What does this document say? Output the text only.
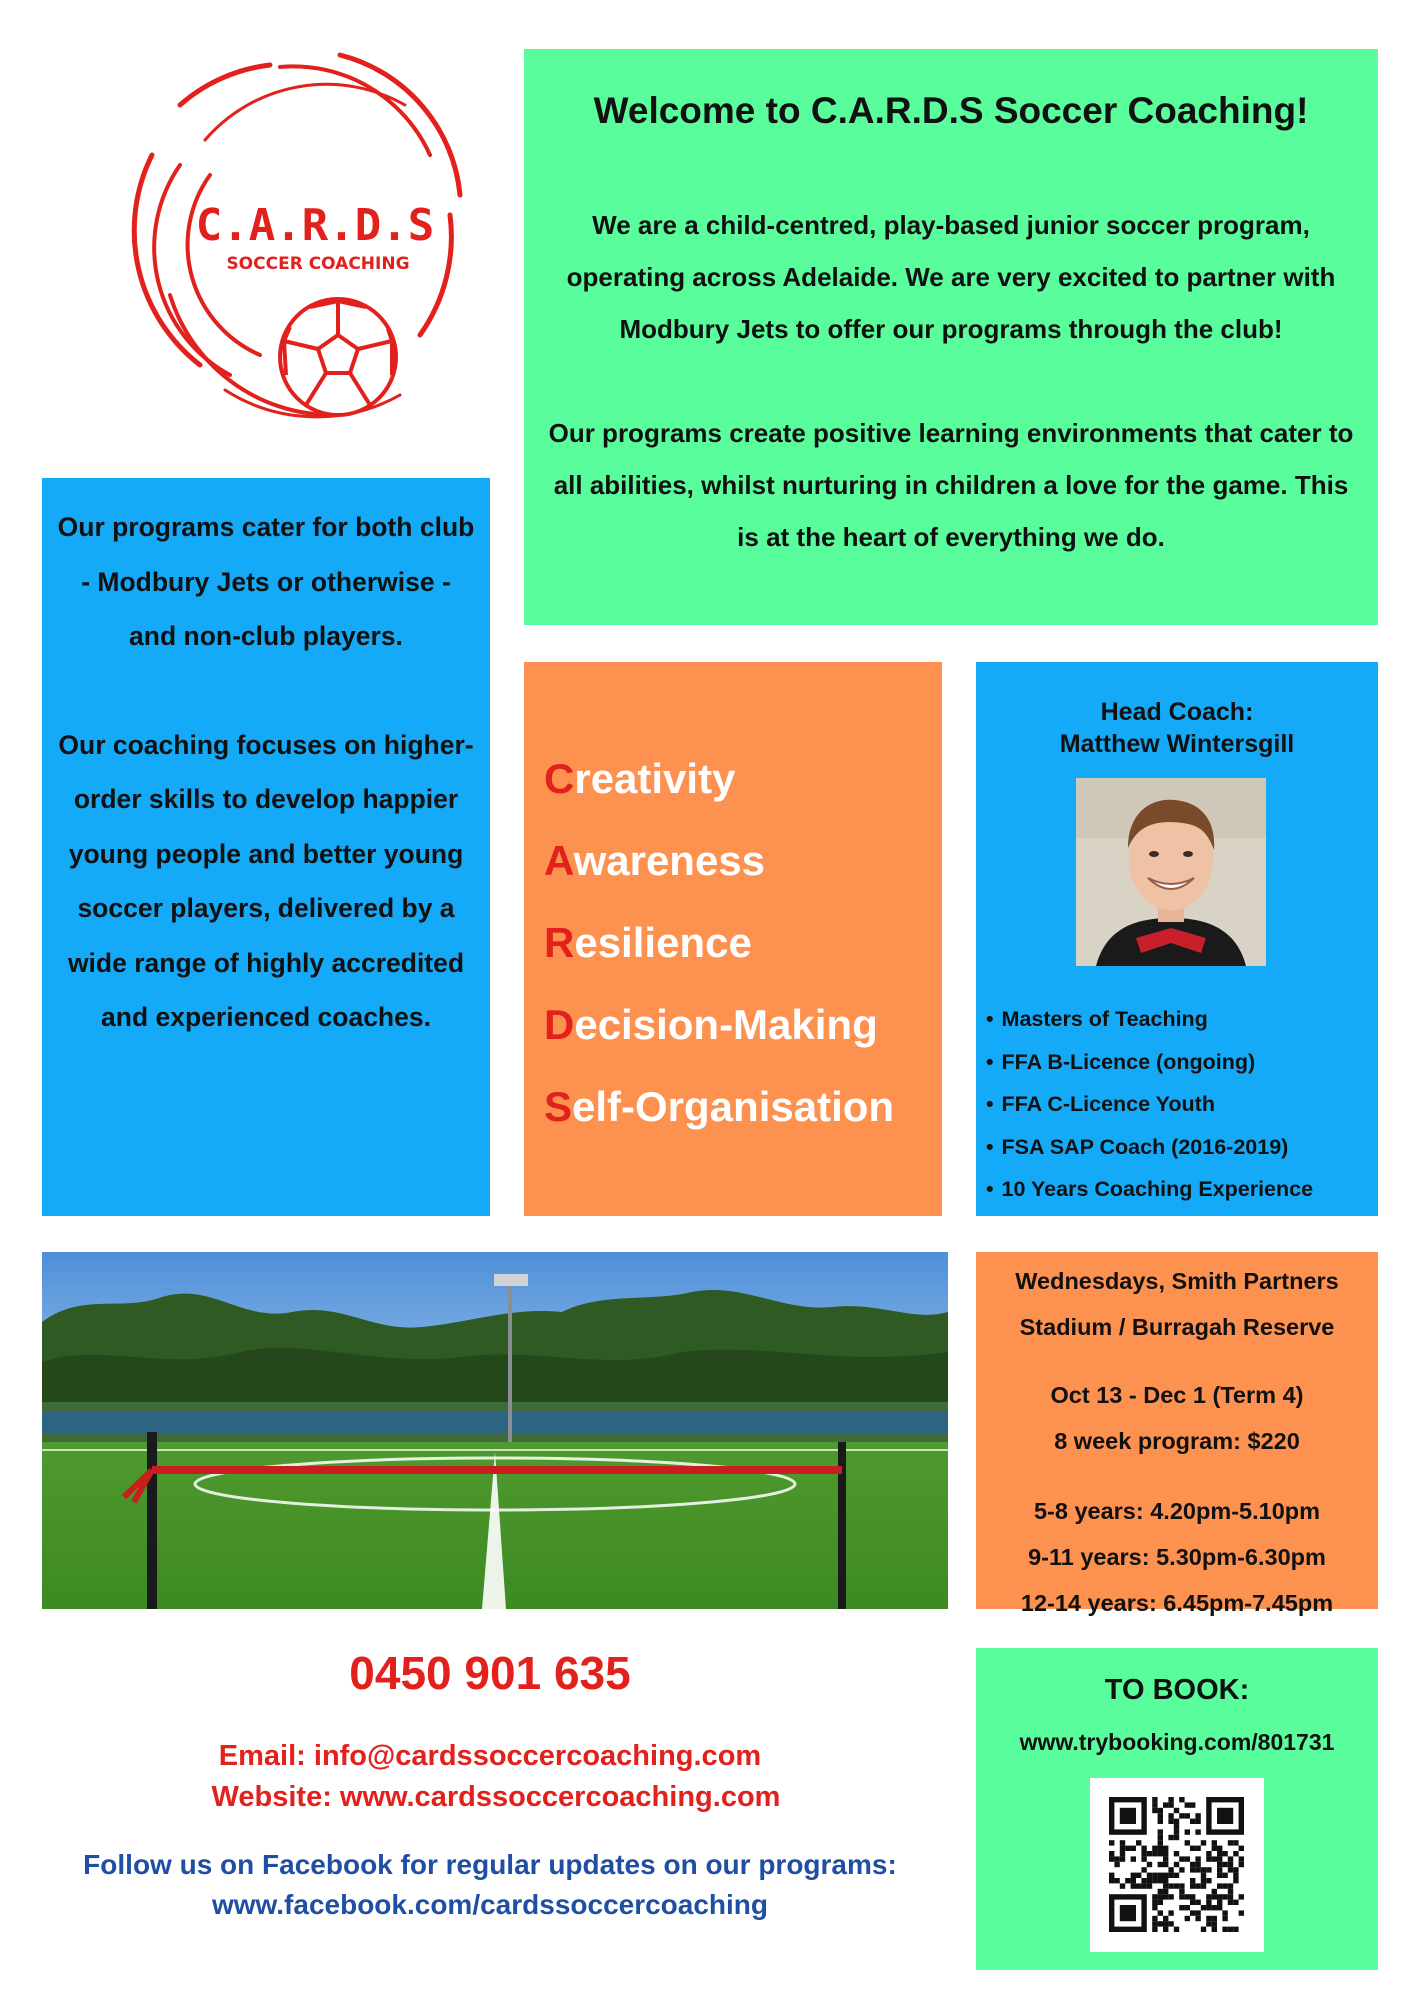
C.A.R.D.S
SOCCER COACHING
Welcome to C.A.R.D.S Soccer Coaching!

We are a child-centred, play-based junior soccer program, operating across Adelaide. We are very excited to partner with Modbury Jets to offer our programs through the club!

Our programs create positive learning environments that cater to all abilities, whilst nurturing in children a love for the game. This is at the heart of everything we do.

Our programs cater for both club - Modbury Jets or otherwise - and non-club players.

Our coaching focuses on higher-order skills to develop happier young people and better young soccer players, delivered by a wide range of highly accredited and experienced coaches.

Creativity
Awareness
Resilience
Decision-Making
Self-Organisation
Head Coach:
Matthew Wintersgill
• Masters of Teaching
• FFA B-Licence (ongoing)
• FFA C-Licence Youth
• FSA SAP Coach (2016-2019)
• 10 Years Coaching Experience
Wednesdays, Smith Partners
Stadium / Burragah Reserve
Oct 13 - Dec 1 (Term 4)
8 week program: $220
5-8 years: 4.20pm-5.10pm
9-11 years: 5.30pm-6.30pm
12-14 years: 6.45pm-7.45pm
0450 901 635
Email: info@cardssoccercoaching.com
Website: www.cardssoccercoaching.com
Follow us on Facebook for regular updates on our programs:
www.facebook.com/cardssoccercoaching
TO BOOK:
www.trybooking.com/801731
